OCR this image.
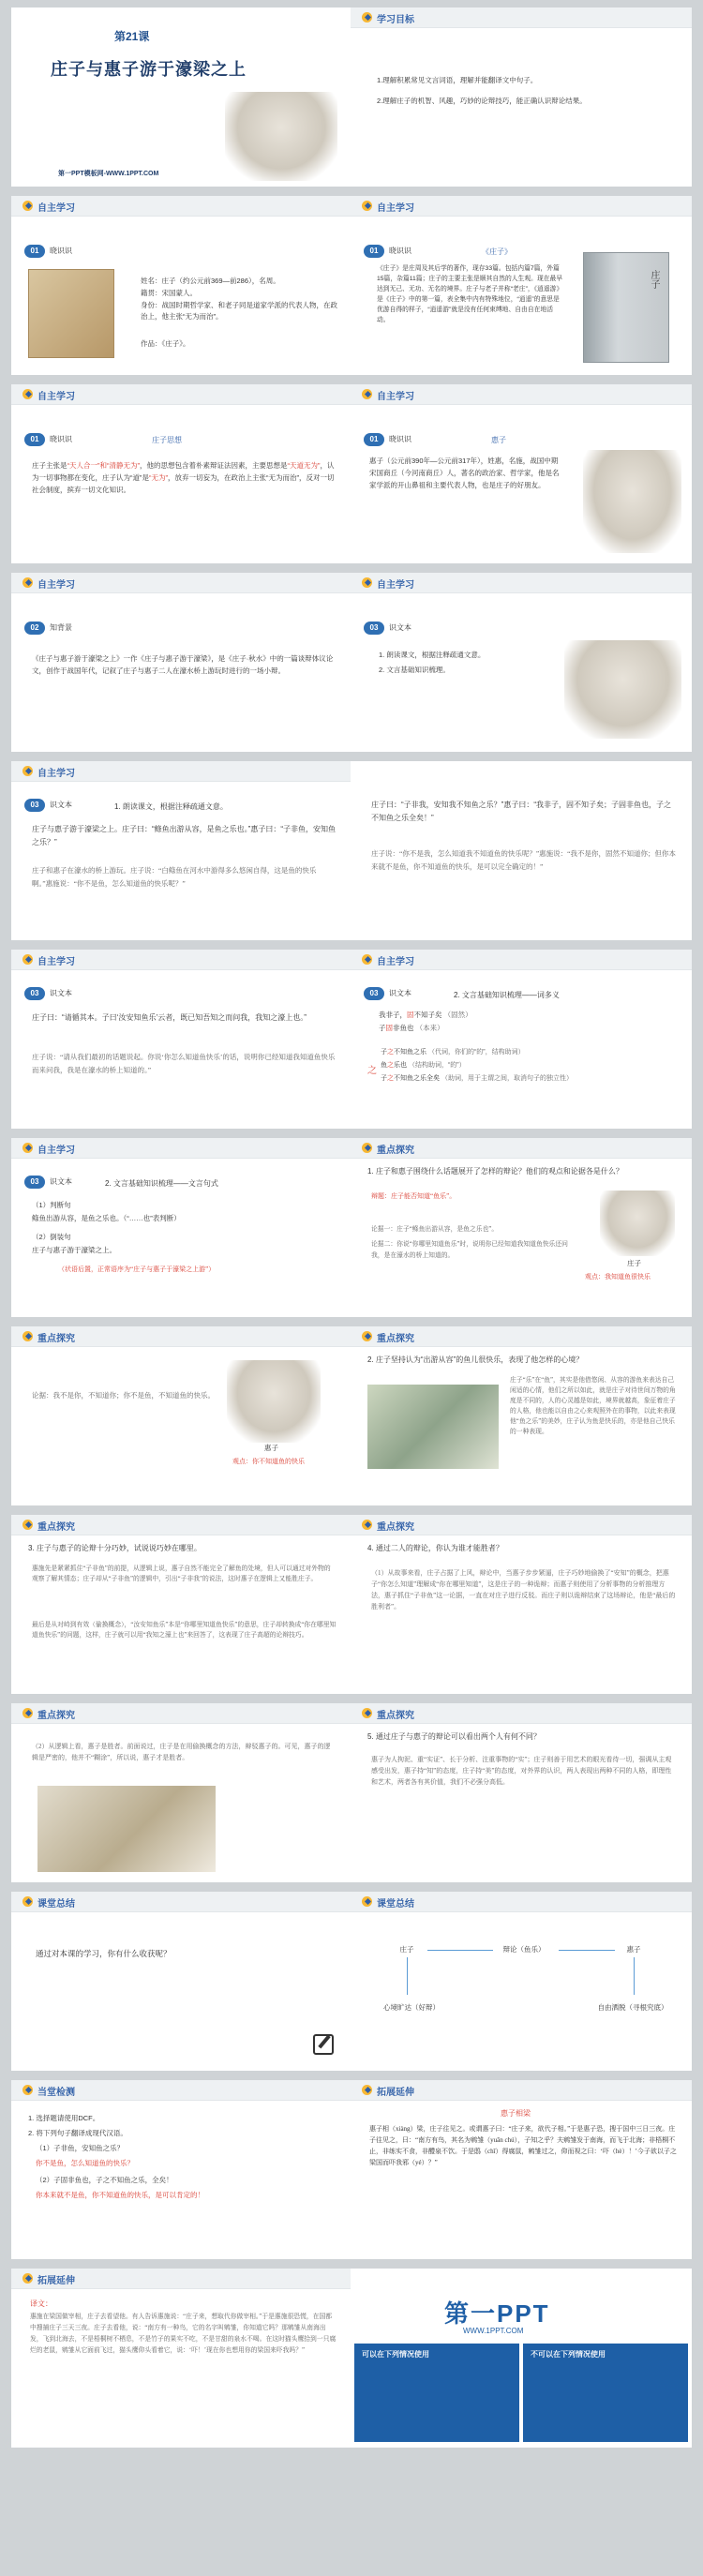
第21课
庄子与惠子游于濠梁之上
第一PPT模板网-WWW.1PPT.COM
学习目标
1.理解积累常见文言词语，理解并能翻译文中句子。
2.理解庄子的机智、风趣，巧妙的论辩技巧，能正确认识辩论结果。
自主学习
01 晓识识
姓名：庄子（约公元前369—前286），名周。
籍贯：宋国蒙人。
身份：战国时期哲学家、和老子同是道家学派的代表人物，在政治上，他主张“无为而治”。
作品：《庄子》。
自主学习
01 晓识识	《庄子》
《庄子》是庄周及其后学的著作，现存33篇。包括内篇7篇，外篇15篇，杂篇11篇；庄子的主要主张是顺其自然的人生观。现在最早达到无己、无功、无名的境界。庄子与老子并称“老庄”，《逍遥游》是《庄子》中的第一篇，表全集中内有特殊地位，“逍遥”的意思是优游自得的样子，“逍遥游”就是没有任何束缚地、自由自在地活动。
庄子
自主学习
01 晓识识	庄子思想
庄子主张是“天人合一”和“清静无为”，他的思想包含着朴素辩证法因素，主要思想是“天道无为”，认为一切事物都在变化，庄子认为“道”是“无为”，放弃一切妄为，在政治上主张“无为而治”，反对一切社会制度，摈弃一切文化知识。
自主学习
01 晓识识	惠子
惠子（公元前390年—公元前317年），姓惠，名施，战国中期宋国商丘（今河南商丘）人，著名的政治家、哲学家，他是名家学派的开山鼻祖和主要代表人物，也是庄子的好朋友。
自主学习
02 知背景
《庄子与惠子游于濠梁之上》一作《庄子与惠子游于濠梁》，是《庄子·秋水》中的一篇谈辩体议论文，创作于战国年代，记叙了庄子与惠子二人在濠水桥上游玩时进行的一场小辩。
自主学习
03 识文本
1. 朗读课文，根据注释疏通文意。
2. 文言基础知识梳理。
自主学习
03 识文本	1. 朗读课文，根据注释疏通文意。
庄子与惠子游于濠梁之上。庄子曰：“鲦鱼出游从容，是鱼之乐也。”惠子曰：“子非鱼，安知鱼之乐？”
庄子和惠子在濠水的桥上游玩。庄子说：“白鲦鱼在河水中游得多么悠闲自得，这是鱼的快乐啊。”惠施说：“你不是鱼，怎么知道鱼的快乐呢？”
庄子曰：“子非我，安知我不知鱼之乐？”惠子曰：“我非子，固不知子矣；子固非鱼也，子之不知鱼之乐全矣！”
庄子说：“你不是我，怎么知道我不知道鱼的快乐呢？”惠施说：“我不是你，固然不知道你；但你本来就不是鱼，你不知道鱼的快乐，是可以完全确定的！”
自主学习
03 识文本
庄子曰：“请循其本。子曰‘汝安知鱼乐’云者，既已知吾知之而问我，我知之濠上也。”
庄子说：“请从我们最初的话题说起。你说‘你怎么知道鱼快乐’的话，说明你已经知道我知道鱼快乐而来问我，我是在濠水的桥上知道的。”
自主学习
03 识文本	2. 文言基础知识梳理——词多义
我非子，固不知子矣 （固然）
子固非鱼也 （本来）
之
子之不知鱼之乐 （代词，你们的“的”，结构助词）
鱼之乐也 （结构助词，“的”）
子之不知鱼之乐全矣 （助词，用于主谓之间，取消句子的独立性）
自主学习
03 识文本	2. 文言基础知识梳理——文言句式
（1）判断句
鲦鱼出游从容，是鱼之乐也。（“……也”表判断）
（2）倒装句
庄子与惠子游于濠梁之上。
（状语后置，正常语序为“庄子与惠子于濠梁之上游”）
重点探究
1. 庄子和惠子围绕什么话题展开了怎样的辩论？他们的观点和论据各是什么？
辩题：庄子能否知道“鱼乐”。
论据一：庄子“鲦鱼出游从容，是鱼之乐也”。
论据二：你说“你哪里知道鱼乐”时，说明你已经知道我知道鱼快乐还问我，是在濠水的桥上知道的。
庄子
观点：我知道鱼很快乐
重点探究
论据：我不是你，不知道你；你不是鱼，不知道鱼的快乐。
惠子
观点：你不知道鱼的快乐
重点探究
2. 庄子坚持认为“出游从容”的鱼儿很快乐，表现了他怎样的心境？
庄子“乐”在“鱼”，其实是他借悠闲、从容的游鱼来表达自己闲适的心情，他们之所以如此，就是庄子对待世间万物的角度是不同的，人的心灵越是如此，境界就越高，象征着庄子的人格，他也能以自由之心来观照外在的事物，以此来表现他“鱼之乐”的美妙，庄子认为鱼是快乐的，亦是他自己快乐的一种表现。
重点探究
3. 庄子与惠子的论辩十分巧妙，试说说巧妙在哪里。
惠施先是紧紧抓住“子非鱼”的前提，从逻辑上说，惠子自然不能完全了解鱼的处境，但人可以通过对外物的观察了解其情态；庄子却从“子非鱼”的逻辑中，引出“子非我”的说法，这时惠子在逻辑上又能胜庄子。
最后是从对峙到有效（偷换概念），“汝安知鱼乐”本是“你哪里知道鱼快乐”的意思，庄子却转换成“你在哪里知道鱼快乐”的问题，这样，庄子就可以用“我知之濠上也”来回答了，这表现了庄子高超的论辩技巧。
重点探究
4. 通过二人的辩论，你认为谁才能胜者？
（1）从故事来看，庄子占据了上风，辩论中，当惠子步步紧逼，庄子巧妙地偷换了“安知”的概念，把惠子“你怎么知道”理解成“你在哪里知道”，这是庄子的一种诡辩；而惠子则使用了分析事物的分析推理方法，惠子抓住“子非鱼”这一论据，一直在对庄子进行反驳。而庄子则以诡辩结束了这场辩论，他是“最后的胜利者”。
重点探究
（2）从逻辑上看，惠子是胜者。前面说过，庄子是在用偷换概念的方法，辩驳惠子的。可见，惠子的逻辑是严密的，他并不“糊涂”，所以说，惠子才是胜者。
重点探究
5. 通过庄子与惠子的辩论可以看出两个人有何不同？
惠子为人拘泥、重“实证”、长于分析、注重事物的“实”；庄子则善于用艺术的眼光看待一切，强调从主观感受出发，惠子持“知”的态度，庄子持“美”的态度，对外界的认识，两人表现出两种不同的人格，即理性和艺术，两者各有其价值，我们不必强分高低。
课堂总结
通过对本课的学习，你有什么收获呢？
课堂总结
庄子	辩论（鱼乐）	惠子
心境旷达（好辩）	自由洒脱（寻根究底）
当堂检测
1. 选择题请使用DCF。
2. 将下列句子翻译成现代汉语。
（1）子非鱼，安知鱼之乐？
你不是鱼，怎么知道鱼的快乐？
（2）子固非鱼也，子之不知鱼之乐，全矣！
你本来就不是鱼，你不知道鱼的快乐，是可以肯定的！
拓展延伸
惠子相梁
惠子相（xiàng）梁，庄子往见之。或谓惠子曰：“庄子来，欲代子相。”于是惠子恐，搜于国中三日三夜。庄子往见之，曰：“南方有鸟，其名为鹓雏（yuān chú），子知之乎？夫鹓雏发于南海，而飞于北海；非梧桐不止，非练实不食，非醴泉不饮。于是鸱（chī）得腐鼠，鹓雏过之，仰而视之曰：‘吓（hè）！’今子欲以子之梁国而吓我邪（yé）？”
拓展延伸
译文：
惠施在梁国做宰相，庄子去看望他。有人告诉惠施说：“庄子来，想取代你做宰相。”于是惠施很恐慌，在国都中搜捕庄子三天三夜。庄子去看他，说：“南方有一种鸟，它的名字叫鹓雏，你知道它吗？那鹓雏从南海出发，飞到北海去，不是梧桐树不栖息，不是竹子的果实不吃，不是甘甜的泉水不喝。在这时猫头鹰拾到一只腐烂的老鼠，鹓雏从它面前飞过，猫头鹰仰头看着它，说：‘吓！’现在你也想用你的梁国来吓我吗？”
第一PPT
WWW.1PPT.COM
可以在下列情况使用	不可以在下列情况使用
